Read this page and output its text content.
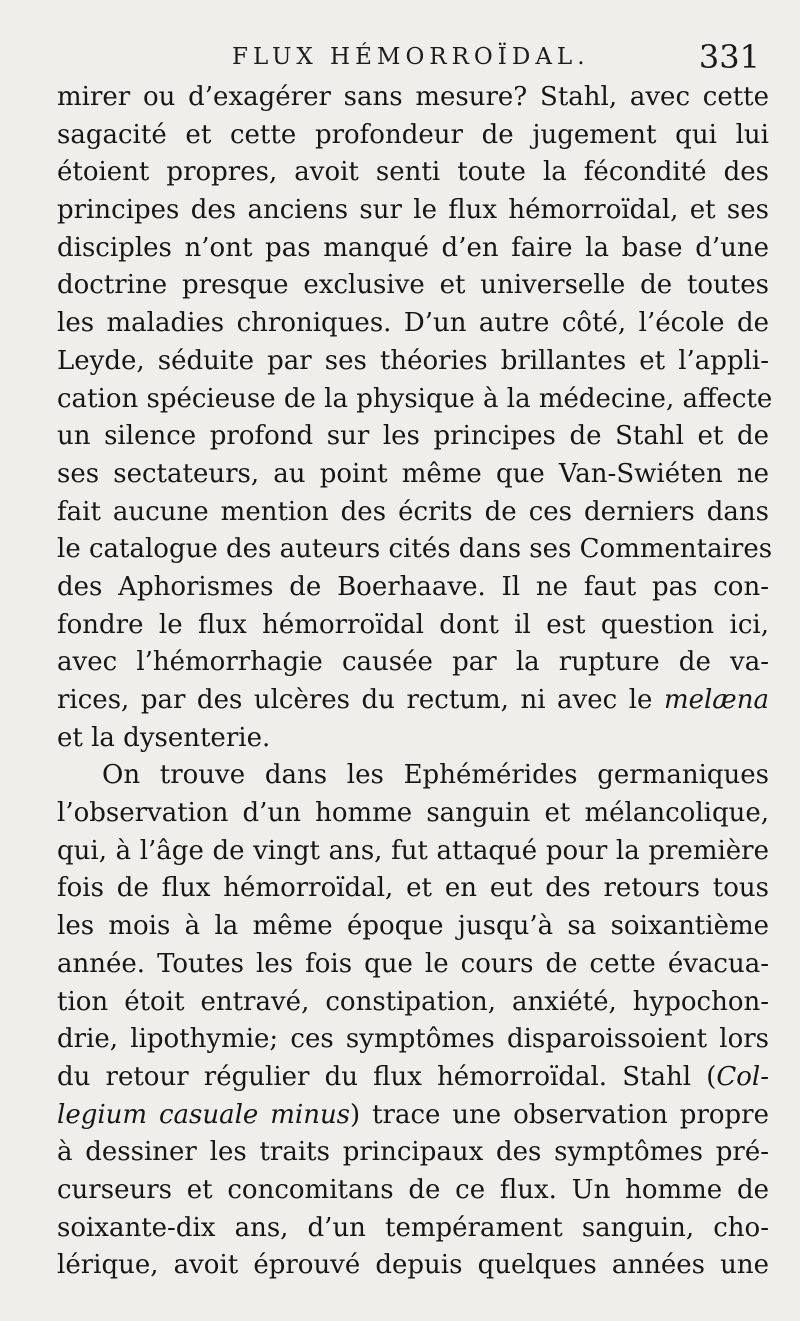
FLUX HÉMORROÏDAL.	331
mirer ou d’exagérer sans mesure? Stahl, avec cette
sagacité et cette profondeur de jugement qui lui
étoient propres, avoit senti toute la fécondité des
principes des anciens sur le flux hémorroïdal, et ses
disciples n’ont pas manqué d’en faire la base d’une
doctrine presque exclusive et universelle de toutes
les maladies chroniques. D’un autre côté, l’école de
Leyde, séduite par ses théories brillantes et l’appli-
cation spécieuse de la physique à la médecine, affecte
un silence profond sur les principes de Stahl et de
ses sectateurs, au point même que Van-Swiéten ne
fait aucune mention des écrits de ces derniers dans
le catalogue des auteurs cités dans ses Commentaires
des Aphorismes de Boerhaave. Il ne faut pas con-
fondre le flux hémorroïdal dont il est question ici,
avec l’hémorrhagie causée par la rupture de va-
rices, par des ulcères du rectum, ni avec le melæna
et la dysenterie.
On trouve dans les Ephémérides germaniques
l’observation d’un homme sanguin et mélancolique,
qui, à l’âge de vingt ans, fut attaqué pour la première
fois de flux hémorroïdal, et en eut des retours tous
les mois à la même époque jusqu’à sa soixantième
année. Toutes les fois que le cours de cette évacua-
tion étoit entravé, constipation, anxiété, hypochon-
drie, lipothymie; ces symptômes disparoissoient lors
du retour régulier du flux hémorroïdal. Stahl (Col-
legium casuale minus) trace une observation propre
à dessiner les traits principaux des symptômes pré-
curseurs et concomitans de ce flux. Un homme de
soixante-dix ans, d’un tempérament sanguin, cho-
lérique, avoit éprouvé depuis quelques années une
